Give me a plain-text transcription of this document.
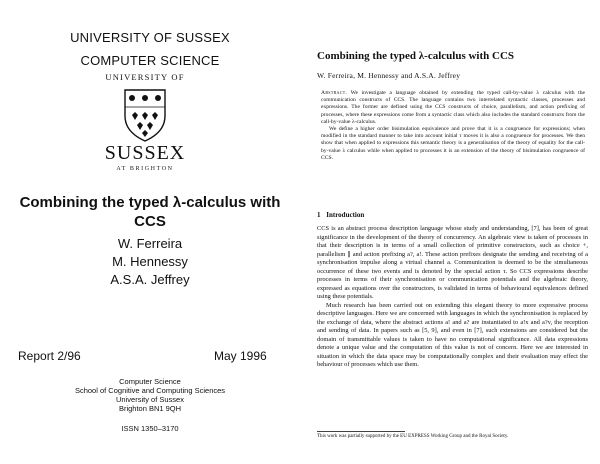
UNIVERSITY OF SUSSEX
COMPUTER SCIENCE
UNIVERSITY OF
SUSSEX
AT BRIGHTON
Combining the typed λ-calculus with
CCS
W. Ferreira
M. Hennessy
A.S.A. Jeffrey
Report 2/96	May 1996
Computer Science
School of Cognitive and Computing Sciences
University of Sussex
Brighton BN1 9QH
ISSN 1350–3170
Combining the typed λ-calculus with CCS
W. Ferreira, M. Hennessy and A.S.A. Jeffrey

Abstract. We investigate a language obtained by extending the typed call-by-value λ calculus with the communication constructs of CCS. The language contains two interrelated syntactic classes, processes and expressions. The former are defined using the CCS constructs of choice, parallelism, and action prefixing of processes, where these expressions come from a syntactic class which also includes the standard constructs from the call-by-value λ-calculus.

We define a higher order bisimulation equivalence and prove that it is a congruence for expressions; when modified in the standard manner to take into account initial τ moves it is also a congruence for processes. We then show that when applied to expressions this semantic theory is a generalisation of the theory of equality for the call-by-value λ calculus while when applied to processes it is an extension of the theory of bisimulation congruence of CCS.

1 Introduction

CCS is an abstract process description language whose study and understanding, [7], has been of great significance in the development of the theory of concurrency. An algebraic view is taken of processes in that their description is in terms of a small collection of primitive constructors, such as choice +, parallelism ∥ and action prefixing a?, a!. These action prefixes designate the sending and receiving of a synchronisation impulse along a virtual channel a. Communication is deemed to be the simultaneous occurrence of these two events and is denoted by the special action τ. So CCS expressions describe processes in terms of their synchronisation or communication potentials and the algebraic theory, expressed as equations over the constructors, is validated in terms of behavioural equivalences defined using these potentials.

Much research has been carried out on extending this elegant theory to more expressive process descriptive languages. Here we are concerned with languages in which the synchronisation is replaced by the exchange of data, where the abstract actions a! and a? are instantiated to a!x and a?v, the reception and sending of data. In papers such as [5, 9], and even in [7], such extensions are considered but the domain of transmittable values is taken to have no computational significance. All data expressions denote a unique value and the computation of this value is not of concern. Here we are interested in situation in which the data space may be computationally complex and their evaluation may effect the behaviour of processes which use them.

This work was partially supported by the EU EXPRESS Working Group and the Royal Society.
